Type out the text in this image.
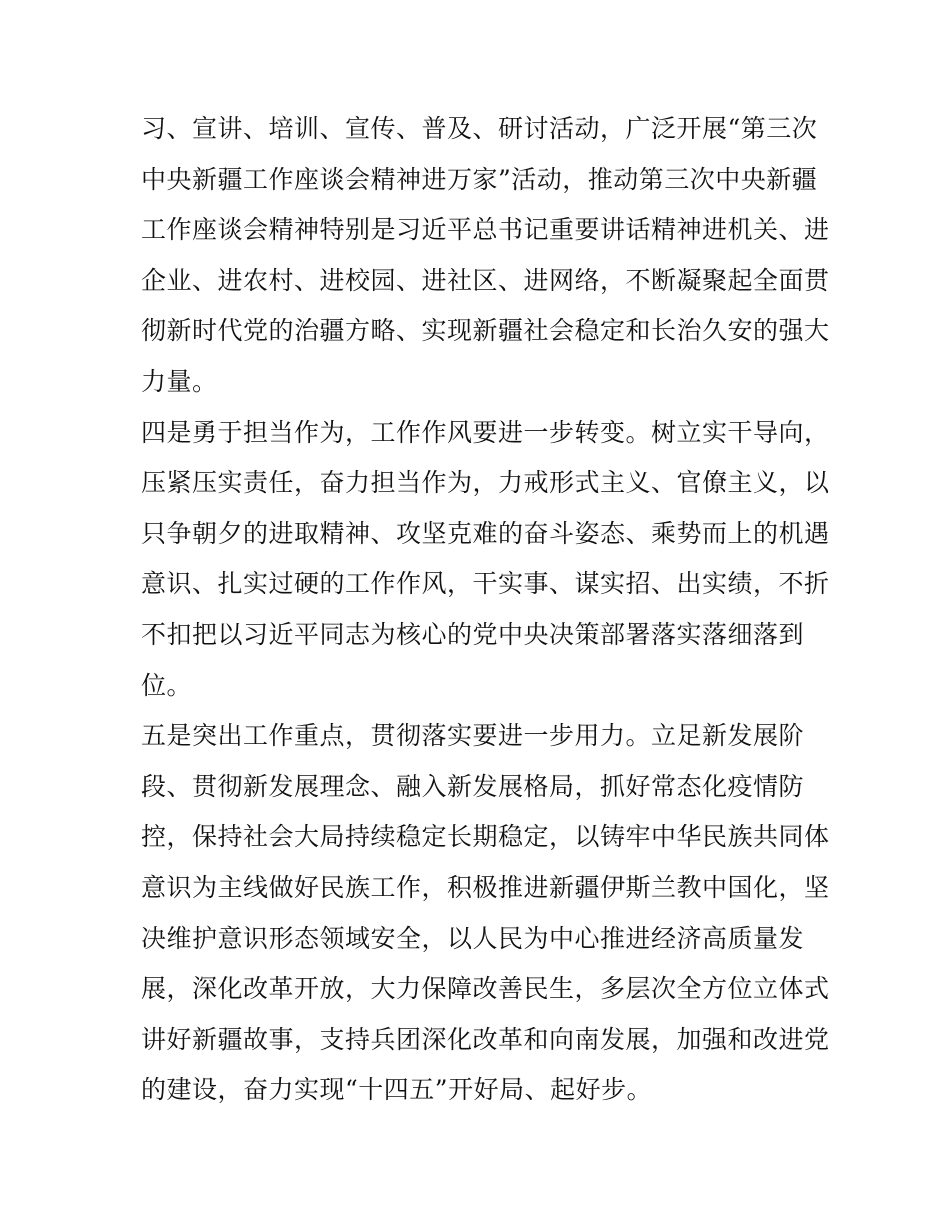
习、宣讲、培训、宣传、普及、研讨活动，广泛开展“第三次
中央新疆工作座谈会精神进万家”活动，推动第三次中央新疆
工作座谈会精神特别是习近平总书记重要讲话精神进机关、进
企业、进农村、进校园、进社区、进网络，不断凝聚起全面贯
彻新时代党的治疆方略、实现新疆社会稳定和长治久安的强大
力量。
四是勇于担当作为，工作作风要进一步转变。树立实干导向，
压紧压实责任，奋力担当作为，力戒形式主义、官僚主义，以
只争朝夕的进取精神、攻坚克难的奋斗姿态、乘势而上的机遇
意识、扎实过硬的工作作风，干实事、谋实招、出实绩，不折
不扣把以习近平同志为核心的党中央决策部署落实落细落到
位。
五是突出工作重点，贯彻落实要进一步用力。立足新发展阶
段、贯彻新发展理念、融入新发展格局，抓好常态化疫情防
控，保持社会大局持续稳定长期稳定，以铸牢中华民族共同体
意识为主线做好民族工作，积极推进新疆伊斯兰教中国化，坚
决维护意识形态领域安全，以人民为中心推进经济高质量发
展，深化改革开放，大力保障改善民生，多层次全方位立体式
讲好新疆故事，支持兵团深化改革和向南发展，加强和改进党
的建设，奋力实现“十四五”开好局、起好步。
